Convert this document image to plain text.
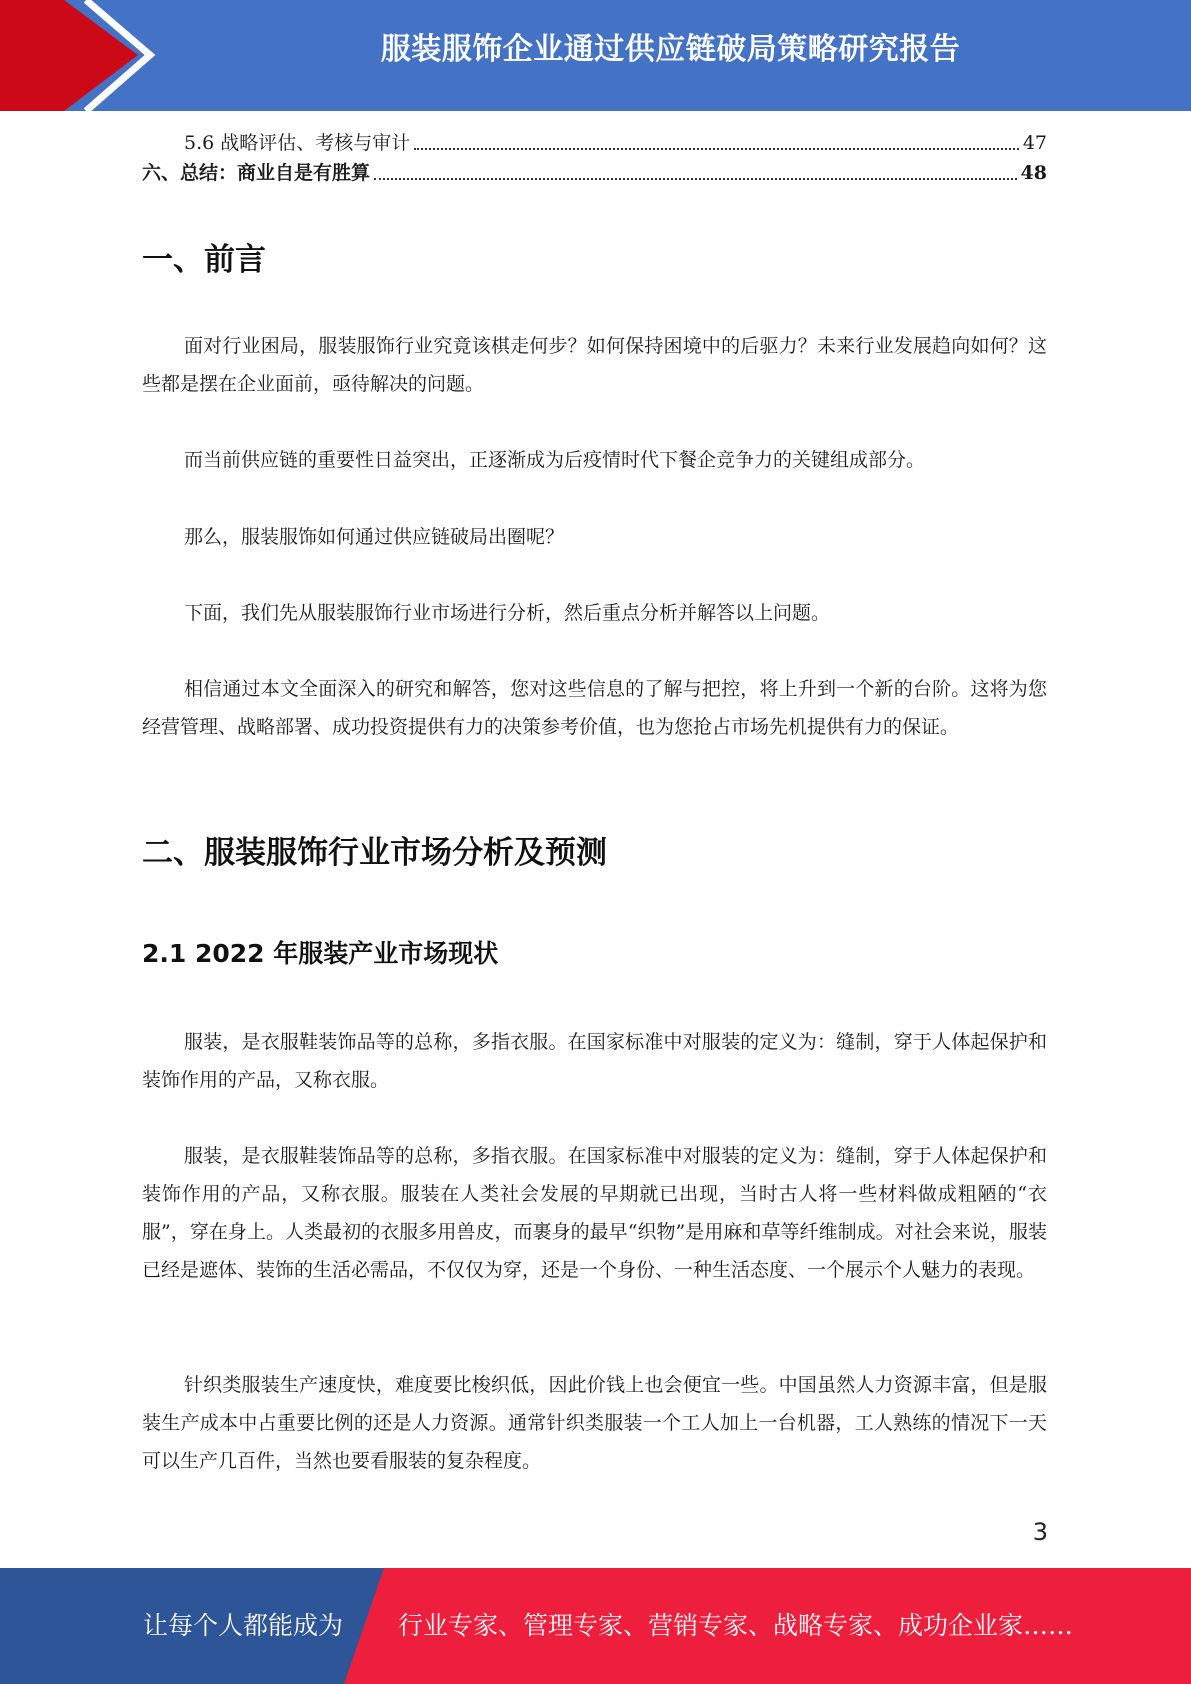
服装服饰企业通过供应链破局策略研究报告
5.6 战略评估、考核与审计	47
六、总结：商业自是有胜算	48
一、前言

面对行业困局，服装服饰行业究竟该棋走何步？如何保持困境中的后驱力？未来行业发展趋向如何？这些都是摆在企业面前，亟待解决的问题。

而当前供应链的重要性日益突出，正逐渐成为后疫情时代下餐企竞争力的关键组成部分。

那么，服装服饰如何通过供应链破局出圈呢？

下面，我们先从服装服饰行业市场进行分析，然后重点分析并解答以上问题。

相信通过本文全面深入的研究和解答，您对这些信息的了解与把控，将上升到一个新的台阶。这将为您经营管理、战略部署、成功投资提供有力的决策参考价值，也为您抢占市场先机提供有力的保证。

二、服装服饰行业市场分析及预测
2.1 2022 年服装产业市场现状

服装，是衣服鞋装饰品等的总称，多指衣服。在国家标准中对服装的定义为：缝制，穿于人体起保护和装饰作用的产品，又称衣服。

服装，是衣服鞋装饰品等的总称，多指衣服。在国家标准中对服装的定义为：缝制，穿于人体起保护和装饰作用的产品，又称衣服。服装在人类社会发展的早期就已出现，当时古人将一些材料做成粗陋的“衣服”，穿在身上。人类最初的衣服多用兽皮，而裹身的最早“织物”是用麻和草等纤维制成。对社会来说，服装已经是遮体、装饰的生活必需品，不仅仅为穿，还是一个身份、一种生活态度、一个展示个人魅力的表现。

针织类服装生产速度快，难度要比梭织低，因此价钱上也会便宜一些。中国虽然人力资源丰富，但是服装生产成本中占重要比例的还是人力资源。通常针织类服装一个工人加上一台机器，工人熟练的情况下一天可以生产几百件，当然也要看服装的复杂程度。

3
让每个人都能成为 行业专家、管理专家、营销专家、战略专家、成功企业家……
